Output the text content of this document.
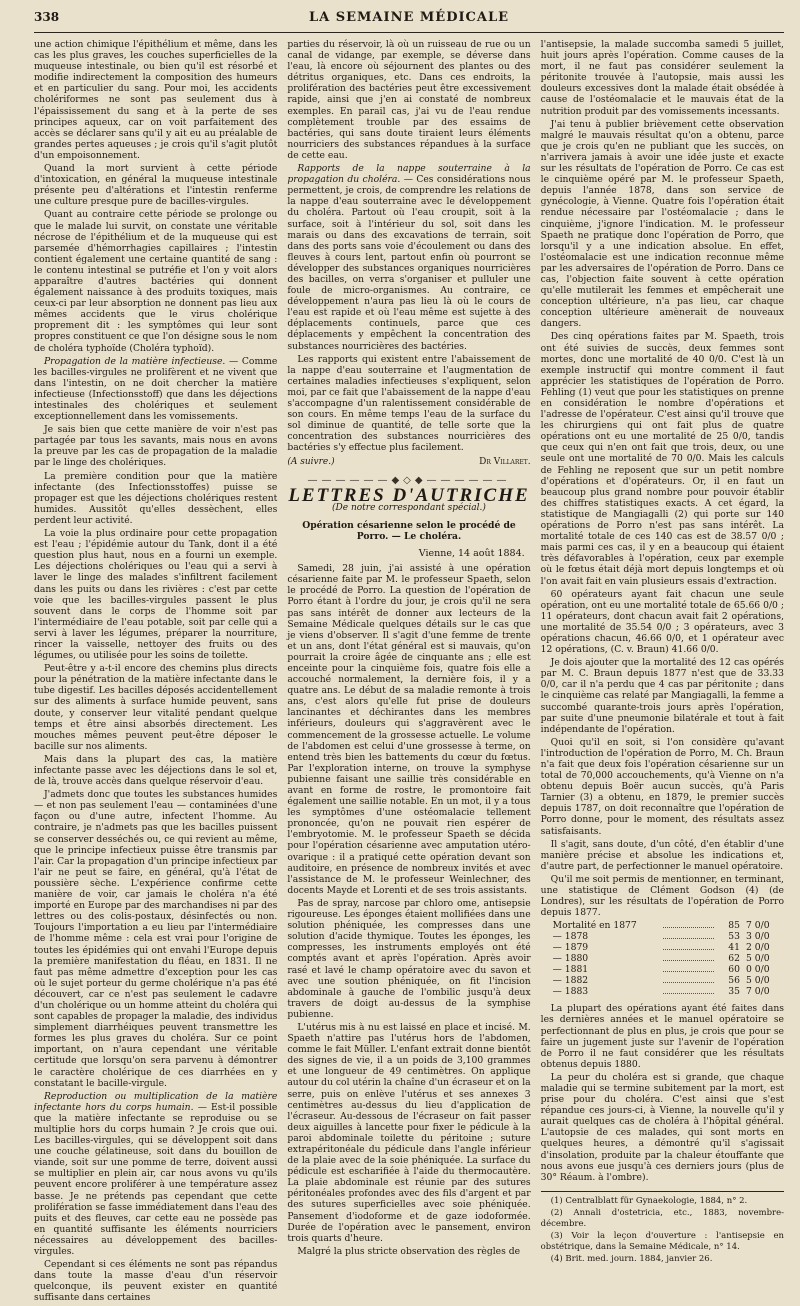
338	LA SEMAINE MÉDICALE

une action chimique l'épithélium et même, dans les cas les plus graves, les couches superficielles de la muqueuse intestinale, ou bien qu'il est résorbé et modifie indirectement la composition des humeurs et en particulier du sang. Pour moi, les accidents cholériformes ne sont pas seulement dus à l'épaississement du sang et à la perte de ses principes aqueux, car on voit parfaitement des accès se déclarer sans qu'il y ait eu au préalable de grandes pertes aqueuses ; je crois qu'il s'agit plutôt d'un empoisonnement.

Quand la mort survient à cette période d'intoxication, en général la muqueuse intestinale présente peu d'altérations et l'intestin renferme une culture presque pure de bacilles-virgules.

Quant au contraire cette période se prolonge ou que le malade lui survit, on constate une véritable nécrose de l'épithélium et de la muqueuse qui est parsemée d'hémorrhagies capillaires ; l'intestin contient également une certaine quantité de sang : le contenu intestinal se putréfie et l'on y voit alors apparaître d'autres bactéries qui donnent également naissance à des produits toxiques, mais ceux-ci par leur absorption ne donnent pas lieu aux mêmes accidents que le virus cholérique proprement dit : les symptômes qui leur sont propres constituent ce que l'on désigne sous le nom de choléra typhoïde (Choléra typhoïd).

Propagation de la matière infectieuse. — Comme les bacilles-virgules ne prolifèrent et ne vivent que dans l'intestin, on ne doit chercher la matière infectieuse (Infectionsstoff) que dans les déjections intestinales des cholériques et seulement exceptionnellement dans les vomissements.

Je sais bien que cette manière de voir n'est pas partagée par tous les savants, mais nous en avons la preuve par les cas de propagation de la maladie par le linge des cholériques.

La première condition pour que la matière infectante (des Infectionsstoffes) puisse se propager est que les déjections cholériques restent humides. Aussitôt qu'elles dessèchent, elles perdent leur activité.

La voie la plus ordinaire pour cette propagation est l'eau ; l'épidémie autour du Tank, dont il a été question plus haut, nous en a fourni un exemple. Les déjections cholériques ou l'eau qui a servi à laver le linge des malades s'infiltrent facilement dans les puits ou dans les rivières : c'est par cette voie que les bacilles-virgules passent le plus souvent dans le corps de l'homme soit par l'intermédiaire de l'eau potable, soit par celle qui a servi à laver les légumes, préparer la nourriture, rincer la vaisselle, nettoyer des fruits ou des légumes, ou utilisée pour les soins de toilette.

Peut-être y a-t-il encore des chemins plus directs pour la pénétration de la matière infectante dans le tube digestif. Les bacilles déposés accidentellement sur des aliments à surface humide peuvent, sans doute, y conserver leur vitalité pendant quelque temps et être ainsi absorbés directement. Les mouches mêmes peuvent peut-être déposer le bacille sur nos aliments.

Mais dans la plupart des cas, la matière infectante passe avec les déjections dans le sol et, de là, trouve accès dans quelque réservoir d'eau.

J'admets donc que toutes les substances humides — et non pas seulement l'eau — contaminées d'une façon ou d'une autre, infectent l'homme. Au contraire, je n'admets pas que les bacilles puissent se conserver desséchés ou, ce qui revient au même, que le principe infectieux puisse être transmis par l'air. Car la propagation d'un principe infectieux par l'air ne peut se faire, en général, qu'à l'état de poussière sèche. L'expérience confirme cette manière de voir, car jamais le choléra n'a été importé en Europe par des marchandises ni par des lettres ou des colis-postaux, désinfectés ou non. Toujours l'importation a eu lieu par l'intermédiaire de l'homme même : cela est vrai pour l'origine de toutes les épidémies qui ont envahi l'Europe depuis la première manifestation du fléau, en 1831. Il ne faut pas même admettre d'exception pour les cas où le sujet porteur du germe cholérique n'a pas été découvert, car ce n'est pas seulement le cadavre d'un cholérique ou un homme atteint du choléra qui sont capables de propager la maladie, des individus simplement diarrhéiques peuvent transmettre les formes les plus graves du choléra. Sur ce point important, on n'aura cependant une véritable certitude que lorsqu'on sera parvenu à démontrer le caractère cholérique de ces diarrhées en y constatant le bacille-virgule.

Reproduction ou multiplication de la matière infectante hors du corps humain. — Est-il possible que la matière infectante se reproduise ou se multiplie hors du corps humain ? Je crois que oui. Les bacilles-virgules, qui se développent soit dans une couche gélatineuse, soit dans du bouillon de viande, soit sur une pomme de terre, doivent aussi se multiplier en plein air, car nous avons vu qu'ils peuvent encore proliférer à une température assez basse. Je ne prétends pas cependant que cette prolifération se fasse immédiatement dans l'eau des puits et des fleuves, car cette eau ne possède pas en quantité suffisante les éléments nourriciers nécessaires au développement des bacilles-virgules.

Cependant si ces éléments ne sont pas répandus dans toute la masse d'eau d'un réservoir quelconque, ils peuvent exister en quantité suffisante dans certaines

parties du réservoir, là où un ruisseau de rue ou un canal de vidange, par exemple, se déverse dans l'eau, là encore où séjournent des plantes ou des détritus organiques, etc. Dans ces endroits, la prolifération des bactéries peut être excessivement rapide, ainsi que j'en ai constaté de nombreux exemples. En parail cas, j'ai vu de l'eau rendue complètement trouble par des essaims de bactéries, qui sans doute tiraient leurs éléments nourriciers des substances répandues à la surface de cette eau.

Rapports de la nappe souterraine à la propagation du choléra. — Ces considérations nous permettent, je crois, de comprendre les relations de la nappe d'eau souterraine avec le développement du choléra. Partout où l'eau croupit, soit à la surface, soit à l'intérieur du sol, soit dans les marais ou dans des excavations de terrain, soit dans des ports sans voie d'écoulement ou dans des fleuves à cours lent, partout enfin où pourront se développer des substances organiques nourricières des bacilles, on verra s'organiser et pulluler une foule de micro-organismes. Au contraire, ce développement n'aura pas lieu là où le cours de l'eau est rapide et où l'eau même est sujette à des déplacements continuels, parce que ces déplacements y empêchent la concentration des substances nourricières des bactéries.

Les rapports qui existent entre l'abaissement de la nappe d'eau souterraine et l'augmentation de certaines maladies infectieuses s'expliquent, selon moi, par ce fait que l'abaissement de la nappe d'eau s'accompagne d'un ralentissement considérable de son cours. En même temps l'eau de la surface du sol diminue de quantité, de telle sorte que la concentration des substances nourricières des bactéries s'y effectue plus facilement.

(A suivre.)	Dr Villaret.
——————◆◇◆——————
LETTRES D'AUTRICHE
(De notre correspondant spécial.)
Opération césarienne selon le procédé de Porro. — Le choléra.
Vienne, 14 août 1884.

Samedi, 28 juin, j'ai assisté à une opération césarienne faite par M. le professeur Spaeth, selon le procédé de Porro. La question de l'opération de Porro étant à l'ordre du jour, je crois qu'il ne sera pas sans intérêt de donner aux lecteurs de la Semaine Médicale quelques détails sur le cas que je viens d'observer. Il s'agit d'une femme de trente et un ans, dont l'état général est si mauvais, qu'on pourrait la croire âgée de cinquante ans ; elle est enceinte pour la cinquième fois, quatre fois elle a accouché normalement, la dernière fois, il y a quatre ans. Le début de sa maladie remonte à trois ans, c'est alors qu'elle fut prise de douleurs lancinantes et déchirantes dans les membres inférieurs, douleurs qui s'aggravèrent avec le commencement de la grossesse actuelle. Le volume de l'abdomen est celui d'une grossesse à terme, on entend très bien les battements du cœur du fœtus. Par l'exploration interne, on trouve la symphyse pubienne faisant une saillie très considérable en avant en forme de rostre, le promontoire fait également une saillie notable. En un mot, il y a tous les symptômes d'une ostéomalacie tellement prononcée, qu'on ne pouvait rien espérer de l'embryotomie. M. le professeur Spaeth se décida pour l'opération césarienne avec amputation utéro-ovarique : il a pratiqué cette opération devant son auditoire, en présence de nombreux invités et avec l'assistance de M. le professeur Weinlechner, des docents Mayde et Lorenti et de ses trois assistants.

Pas de spray, narcose par chloro ome, antisepsie rigoureuse. Les éponges étaient mollifiées dans une solution phéniquée, les compresses dans une solution d'acide thymique. Toutes les éponges, les compresses, les instruments employés ont été comptés avant et après l'opération. Après avoir rasé et lavé le champ opératoire avec du savon et avec une soution phéniquée, on fit l'incision abdominale à gauche de l'ombilic jusqu'à deux travers de doigt au-dessus de la symphise pubienne.

L'utérus mis à nu est laissé en place et incisé. M. Spaeth n'attire pas l'utérus hors de l'abdomen, comme le fait Müller. L'enfant extrait donne bientôt des signes de vie, il a un poids de 3,100 grammes et une longueur de 49 centimètres. On applique autour du col utérin la chaîne d'un écraseur et on la serre, puis on enlève l'utérus et ses annexes 3 centimètres au-dessus du lieu d'application de l'écraseur. Au-dessous de l'écraseur on fait passer deux aiguilles à lancette pour fixer le pédicule à la paroi abdominale toilette du péritoine ; suture extrapéritonéale du pédicule dans l'angle inférieur de la plaie avec de la soie phéniquée. La surface du pédicule est escharifiée à l'aide du thermocautère. La plaie abdominale est réunie par des sutures péritonéales profondes avec des fils d'argent et par des sutures superficielles avec soie phéniquée. Pansement d'iodoforme et de gaze iodoformée. Durée de l'opération avec le pansement, environ trois quarts d'heure.

Malgré la plus stricte observation des règles de

l'antisepsie, la malade succomba samedi 5 juillet, huit jours après l'opération. Comme causes de la mort, il ne faut pas considérer seulement la péritonite trouvée à l'autopsie, mais aussi les douleurs excessives dont la malade était obsédée à cause de l'ostéomalacie et le mauvais état de la nutrition produit par des vomissements incessants.

J'ai tenu à publier brièvement cette observation malgré le mauvais résultat qu'on a obtenu, parce que je crois qu'en ne publiant que les succès, on n'arrivera jamais à avoir une idée juste et exacte sur les résultats de l'opération de Porro. Ce cas est le cinquième opéré par M. le professeur Spaeth, depuis l'année 1878, dans son service de gynécologie, à Vienne. Quatre fois l'opération était rendue nécessaire par l'ostéomalacie ; dans le cinquième, j'ignore l'indication. M. le professeur Spaeth ne pratique donc l'opération de Porro, que lorsqu'il y a une indication absolue. En effet, l'ostéomalacie est une indication reconnue même par les adversaires de l'opération de Porro. Dans ce cas, l'objection faite souvent à cette opération qu'elle mutilerait les femmes et empêcherait une conception ultérieure, n'a pas lieu, car chaque conception ultérieure amènerait de nouveaux dangers.

Des cinq opérations faites par M. Spaeth, trois ont été suivies de succès, deux femmes sont mortes, donc une mortalité de 40 0/0. C'est là un exemple instructif qui montre comment il faut apprécier les statistiques de l'opération de Porro. Fehling (1) veut que pour les statistiques on prenne en considération le nombre d'opérations et l'adresse de l'opérateur. C'est ainsi qu'il trouve que les chirurgiens qui ont fait plus de quatre opérations ont eu une mortalité de 25 0/0, tandis que ceux qui n'en ont fait que trois, deux, ou une seule ont une mortalité de 70 0/0. Mais les calculs de Fehling ne reposent que sur un petit nombre d'opérations et d'opérateurs. Or, il en faut un beaucoup plus grand nombre pour pouvoir établir des chiffres statistiques exacts. A cet égard, la statistique de Mangiagalli (2) qui porte sur 140 opérations de Porro n'est pas sans intérêt. La mortalité totale de ces 140 cas est de 38.57 0/0 ; mais parmi ces cas, il y en a beaucoup qui étaient très défavorables à l'opération, ceux par exemple où le fœtus était déjà mort depuis longtemps et où l'on avait fait en vain plusieurs essais d'extraction.

60 opérateurs ayant fait chacun une seule opération, ont eu une mortalité totale de 65.66 0/0 ; 11 opérateurs, dont chacun avait fait 2 opérations, une mortalité de 35.54 0/0 ; 3 opérateurs, avec 3 opérations chacun, 46.66 0/0, et 1 opérateur avec 12 opérations, (C. v. Braun) 41.66 0/0.

Je dois ajouter que la mortalité des 12 cas opérés par M. C. Braun depuis 1877 n'est que de 33.33 0/0, car il n'a perdu que 4 cas par péritonite ; dans le cinquième cas relaté par Mangiagalli, la femme a succombé quarante-trois jours après l'opération, par suite d'une pneumonie bilatérale et tout à fait indépendante de l'opération.

Quoi qu'il en soit, si l'on considère qu'avant l'introduction de l'opération de Porro, M. Ch. Braun n'a fait que deux fois l'opération césarienne sur un total de 70,000 accouchements, qu'à Vienne on n'a obtenu depuis Boër aucun succès, qu'à Paris Tarnier (3) a obtenu, en 1879, le premier succès depuis 1787, on doit reconnaître que l'opération de Porro donne, pour le moment, des résultats assez satisfaisants.

Il s'agit, sans doute, d'un côté, d'en établir d'une manière précise et absolue les indications et, d'autre part, de perfectionner le manuel opératoire.

Qu'il me soit permis de mentionner, en terminant, une statistique de Clément Godson (4) (de Londres), sur les résultats de l'opération de Porro depuis 1877.

Mortalité en 1877	85 7 0/0
— 1878	53 3 0/0
— 1879	41 2 0/0
— 1880	62 5 0/0
— 1881	60 0 0/0
— 1882	56 5 0/0
— 1883	35 7 0/0

La plupart des opérations ayant été faites dans les dernières années et le manuel opératoire se perfectionnant de plus en plus, je crois que pour se faire un jugement juste sur l'avenir de l'opération de Porro il ne faut considérer que les résultats obtenus depuis 1880.

La peur du choléra est si grande, que chaque maladie qui se termine subitement par la mort, est prise pour du choléra. C'est ainsi que s'est répandue ces jours-ci, à Vienne, la nouvelle qu'il y aurait quelques cas de choléra à l'hôpital général. L'autopsie de ces malades, qui sont morts en quelques heures, a démontré qu'il s'agissait d'insolation, produite par la chaleur étouffante que nous avons eue jusqu'à ces derniers jours (plus de 30° Réaum. à l'ombre).

(1) Centralblatt für Gynaekologie, 1884, n° 2.

(2) Annali d'ostetricia, etc., 1883, novembre-décembre.

(3) Voir la leçon d'ouverture : l'antisepsie en obstétrique, dans la Semaine Médicale, n° 14.

(4) Brit. med. journ. 1884, janvier 26.
